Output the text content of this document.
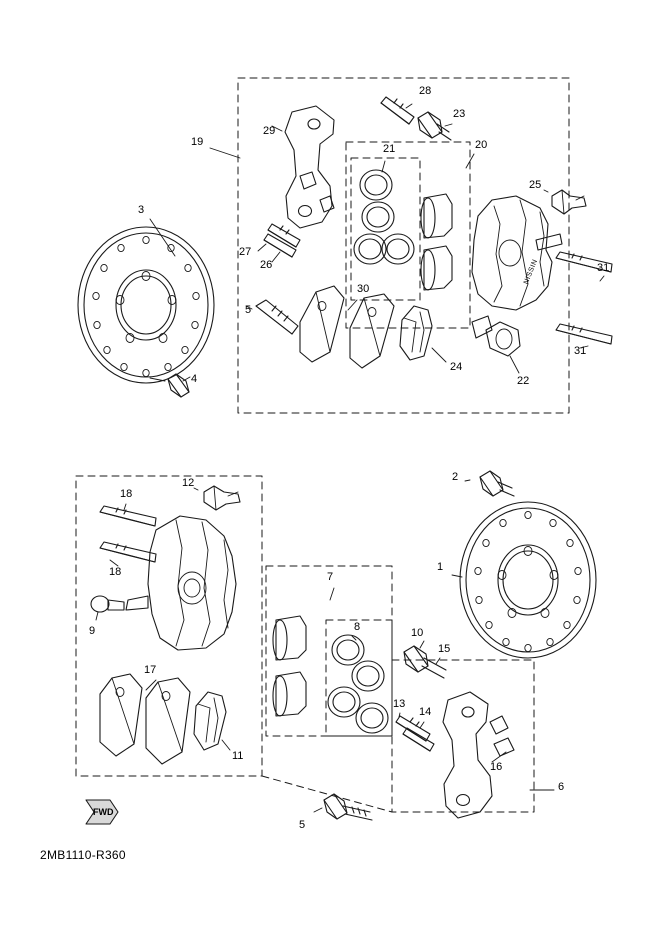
1
2
3
4
5
5
6
7
8
9	10
11
12
13
14
15
16
17
18
18
19	20
21
22
23
24
25
26
27
28
29
30
31
31
NISSIN
FWD
2MB1110-R360
